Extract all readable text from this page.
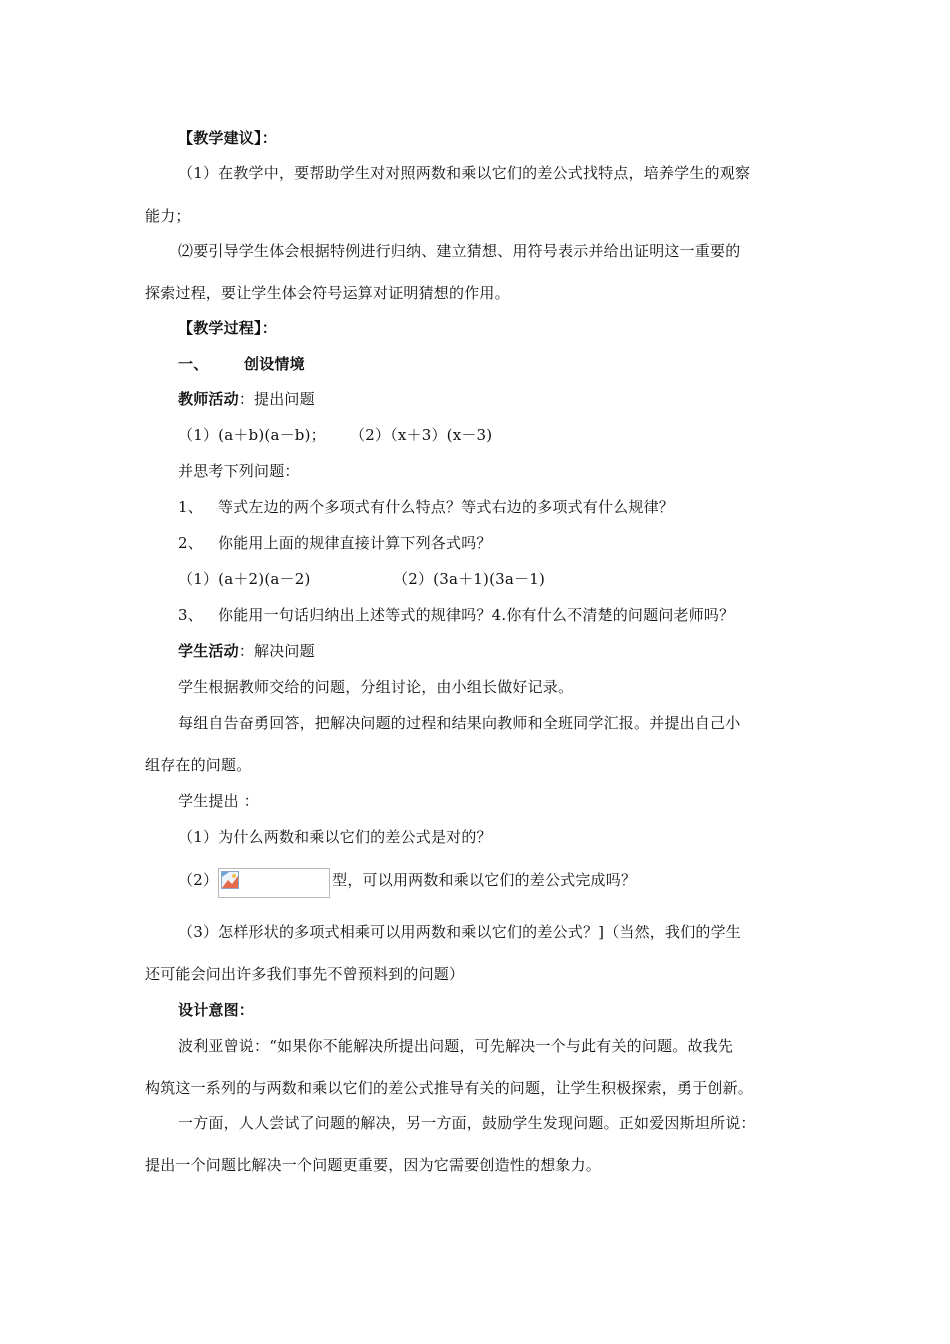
【教学建议】：
（1）在教学中，要帮助学生对对照两数和乘以它们的差公式找特点，培养学生的观察
能力；
⑵要引导学生体会根据特例进行归纳、建立猜想、用符号表示并给出证明这一重要的
探索过程，要让学生体会符号运算对证明猜想的作用。
【教学过程】：
一、 创设情境
教师活动：提出问题
（1）(a＋b)(a－b)； （2）（x＋3）(x－3)
并思考下列问题：
1、 等式左边的两个多项式有什么特点？等式右边的多项式有什么规律？
2、 你能用上面的规律直接计算下列各式吗？
（1）(a＋2)(a－2)	（2）(3a＋1)(3a－1)
3、 你能用一句话归纳出上述等式的规律吗？4.你有什么不清楚的问题问老师吗？
学生活动：解决问题
学生根据教师交给的问题，分组讨论，由小组长做好记录。
每组自告奋勇回答，把解决问题的过程和结果向教师和全班同学汇报。并提出自己小
组存在的问题。
学生提出 ：
（1）为什么两数和乘以它们的差公式是对的？
（2）	型，可以用两数和乘以它们的差公式完成吗？
（3）怎样形状的多项式相乘可以用两数和乘以它们的差公式？]（当然，我们的学生
还可能会问出许多我们事先不曾预料到的问题）
设计意图：
波利亚曾说：“如果你不能解决所提出问题，可先解决一个与此有关的问题。故我先
构筑这一系列的与两数和乘以它们的差公式推导有关的问题，让学生积极探索，勇于创新。
一方面，人人尝试了问题的解决，另一方面，鼓励学生发现问题。正如爱因斯坦所说：
提出一个问题比解决一个问题更重要，因为它需要创造性的想象力。
